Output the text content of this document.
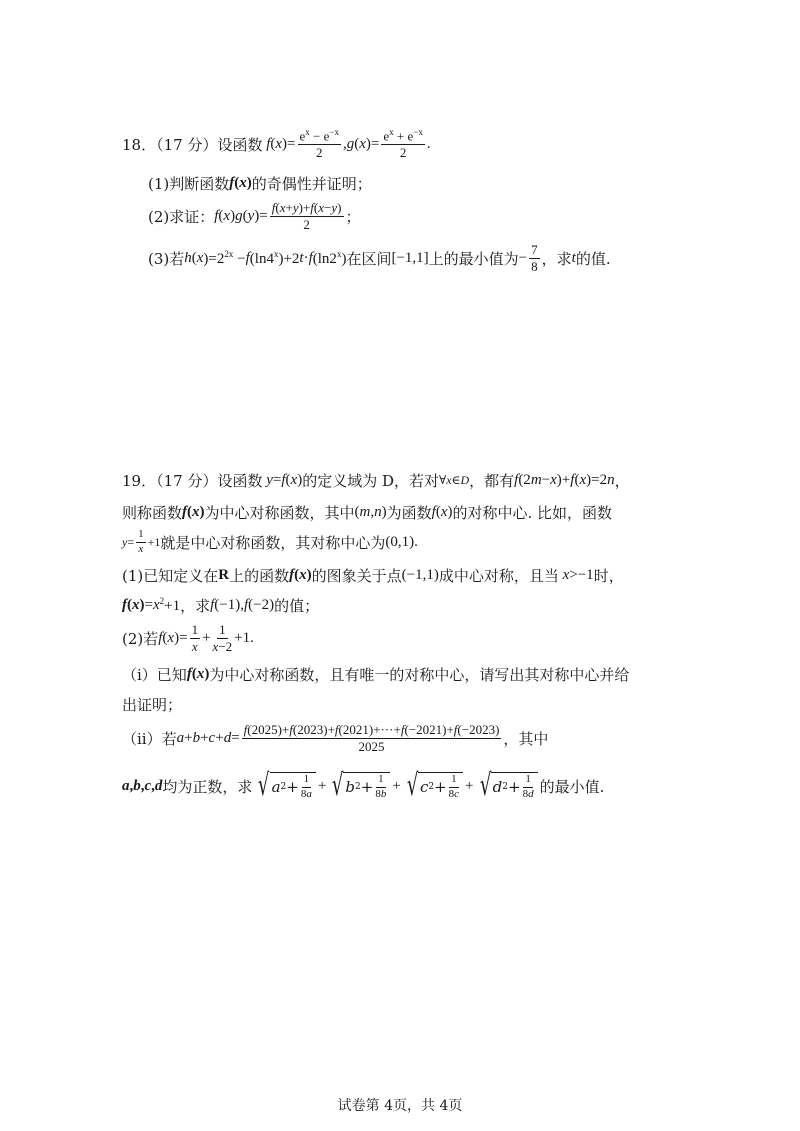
18．（17 分）设函数 f ( x )= $\frac{e^x - e^{-x}}{2}$ , g ( x )= $\frac{e^x + e^{-x}}{2}$ .
(1)判断函数 f ( x ) 的奇偶性并证明；
(2)求证： f ( x ) g ( y )= $\frac{f(x+y)+f(x-y)}{2}$ ；
(3)若 h ( x )$=2^{2x} - f$ $(\ln 4^x)+2$ t · f (ln2$^x$) 在区间 [−1,1] 上的最小值为 − $\frac{7}{8}$ ，求 t 的值.
19．（17 分）设函数 y = f ( x ) 的定义域为 D，若对 ∀x∈D ，都有 f (2 m − x )+ f ( x )=2 n ，
则称函数 f ( x ) 为中心对称函数，其中 ( m , n ) 为函数 f ( x ) 的对称中心. 比如，函数
$y = \frac{1}{x} +1$ 就是中心对称函数，其对称中心为 (0,1) .
(1)已知定义在 R 上的函数 f ( x ) 的图象关于点 (−1,1) 成中心对称，且当 x >−1 时，
f ( x ) = x $^2$+1 ，求 f (−1), f (−2) 的值；
(2)若 f ( x )= $\frac{1}{x} + \frac{1}{x-2} +1$.
（i）已知 f ( x ) 为中心对称函数，且有唯一的对称中心，请写出其对称中心并给
出证明；
（ii）若 $a + b + c + d = \frac{f(2025)+f(2023)+f(2021)+\cdot\cdot\cdot+f(-2021)+f(-2023)}{2025}$ ，其中
a , b , c , d 均为正数，求 √ a $2 + \frac{1}{8a}$ + √ b $2 + \frac{1}{8b}$ + √ c $2 + \frac{1}{8c}$ + √ d $2 + \frac{1}{8d}$ 的最小值.
试卷第 4页，共 4页
